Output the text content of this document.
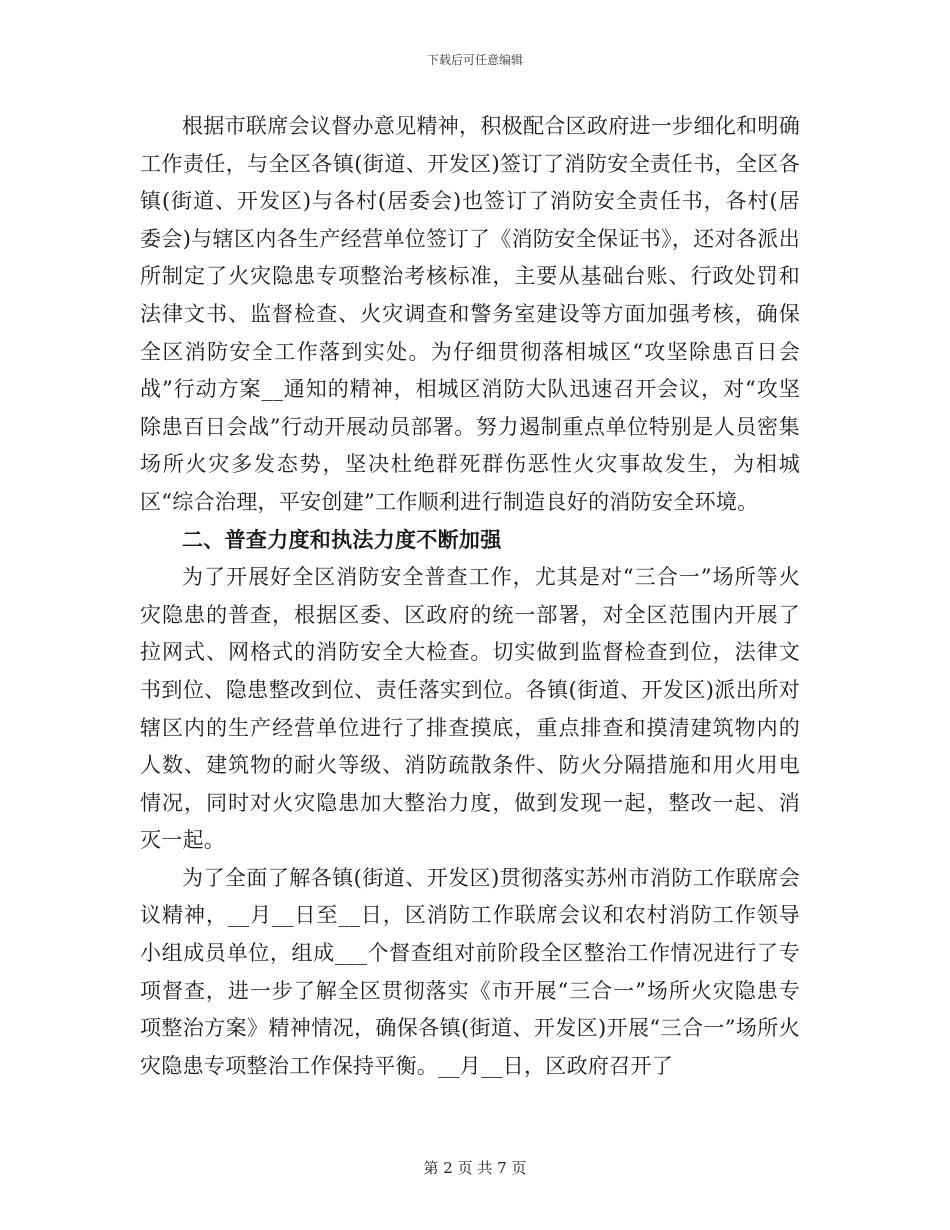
下载后可任意编辑

根据市联席会议督办意见精神，积极配合区政府进一步细化和明确工作责任，与全区各镇(街道、开发区)签订了消防安全责任书，全区各镇(街道、开发区)与各村(居委会)也签订了消防安全责任书，各村(居委会)与辖区内各生产经营单位签订了《消防安全保证书》，还对各派出所制定了火灾隐患专项整治考核标准，主要从基础台账、行政处罚和法律文书、监督检查、火灾调查和警务室建设等方面加强考核，确保全区消防安全工作落到实处。为仔细贯彻落相城区“攻坚除患百日会战”行动方案__通知的精神，相城区消防大队迅速召开会议，对“攻坚除患百日会战”行动开展动员部署。努力遏制重点单位特别是人员密集场所火灾多发态势，坚决杜绝群死群伤恶性火灾事故发生，为相城区“综合治理，平安创建”工作顺利进行制造良好的消防安全环境。

二、普查力度和执法力度不断加强

为了开展好全区消防安全普查工作，尤其是对“三合一”场所等火灾隐患的普查，根据区委、区政府的统一部署，对全区范围内开展了拉网式、网格式的消防安全大检查。切实做到监督检查到位，法律文书到位、隐患整改到位、责任落实到位。各镇(街道、开发区)派出所对辖区内的生产经营单位进行了排查摸底，重点排查和摸清建筑物内的人数、建筑物的耐火等级、消防疏散条件、防火分隔措施和用火用电情况，同时对火灾隐患加大整治力度，做到发现一起，整改一起、消灭一起。

为了全面了解各镇(街道、开发区)贯彻落实苏州市消防工作联席会议精神，__月__日至__日，区消防工作联席会议和农村消防工作领导小组成员单位，组成___个督查组对前阶段全区整治工作情况进行了专项督查，进一步了解全区贯彻落实《市开展“三合一”场所火灾隐患专项整治方案》精神情况，确保各镇(街道、开发区)开展“三合一”场所火灾隐患专项整治工作保持平衡。__月__日，区政府召开了

第 2 页 共 7 页
